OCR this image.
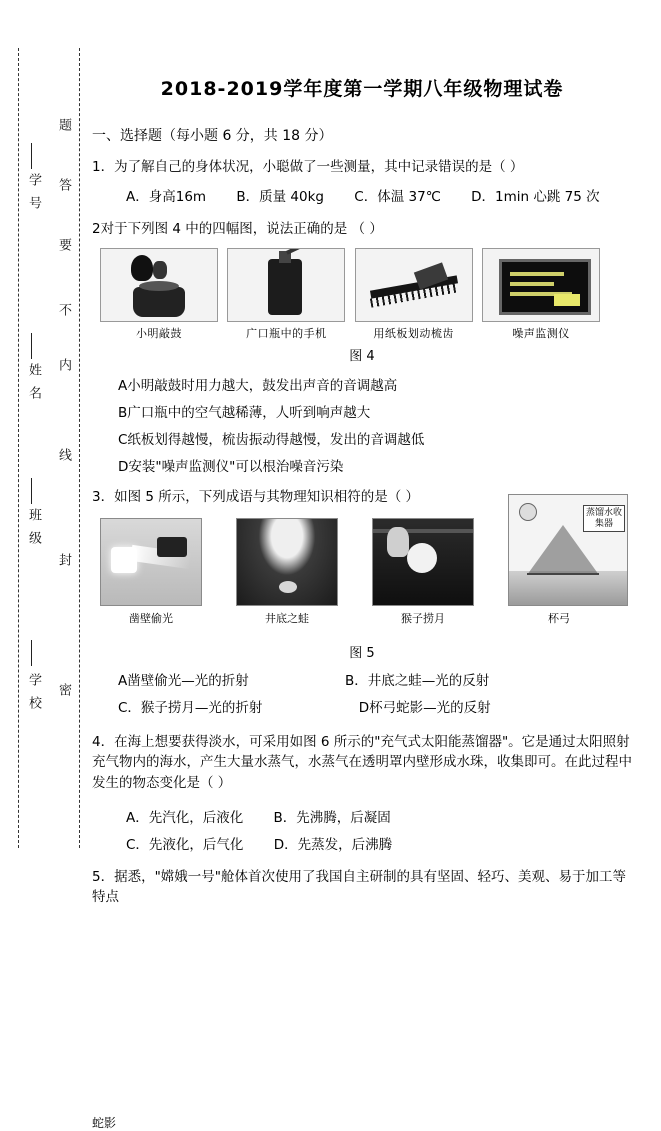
学校
班级
姓名
学号
密
封
线
内
不
要
答
题
2018-2019学年度第一学期八年级物理试卷

一、选择题（每小题 6 分，共 18 分）

1．为了解自己的身体状况，小聪做了一些测量，其中记录错误的是（ ）

A．身高16m B．质量 40kg C．体温 37℃ D．1min 心跳 75 次

2对于下列图 4 中的四幅图，说法正确的是 （ ）

小明敲鼓	广口瓶中的手机	用纸板划动梳齿	噪声监测仪
图 4

A小明敲鼓时用力越大，鼓发出声音的音调越高

B广口瓶中的空气越稀薄，人听到响声越大

C纸板划得越慢，梳齿振动得越慢，发出的音调越低

D安装"噪声监测仪"可以根治噪音污染

3．如图 5 所示，下列成语与其物理知识相符的是（ ）

凿壁偷光	井底之蛙	猴子捞月	杯弓
蒸馏水收集器
蛇影
图 5
A凿壁偷光—光的折射	B．井底之蛙—光的反射
C．猴子捞月—光的折射	D杯弓蛇影—光的反射

4．在海上想要获得淡水，可采用如图 6 所示的"充气式太阳能蒸馏器"。它是通过太阳照射充气物内的海水，产生大量水蒸气，水蒸气在透明罩内壁形成水珠，收集即可。在此过程中发生的物态变化是（ ）

A．先汽化，后液化 B．先沸腾，后凝固
C．先液化，后气化 D．先蒸发，后沸腾

5．据悉，"嫦娥一号"舱体首次使用了我国自主研制的具有坚固、轻巧、美观、易于加工等特点
